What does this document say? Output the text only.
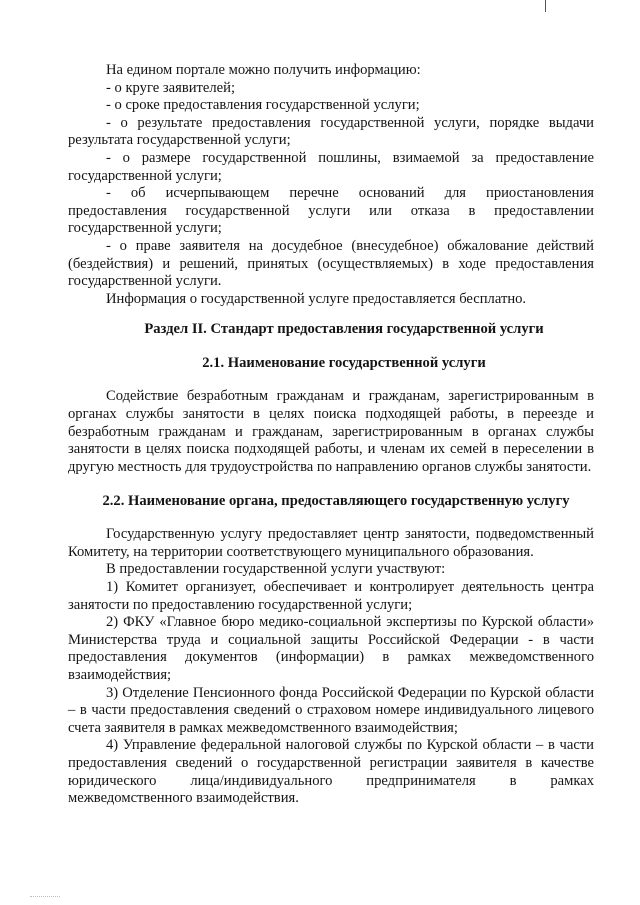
На едином портале можно получить информацию:

- о круге заявителей;

- о сроке предоставления государственной услуги;

- о результате предоставления государственной услуги, порядке выдачи результата государственной услуги;

- о размере государственной пошлины, взимаемой за предоставление государственной услуги;

- об исчерпывающем перечне оснований для приостановления предоставления государственной услуги или отказа в предоставлении государственной услуги;

- о праве заявителя на досудебное (внесудебное) обжалование действий (бездействия) и решений, принятых (осуществляемых) в ходе предоставления государственной услуги.

Информация о государственной услуге предоставляется бесплатно.

Раздел II. Стандарт предоставления государственной услуги
2.1. Наименование государственной услуги

Содействие безработным гражданам и гражданам, зарегистрированным в органах службы занятости в целях поиска подходящей работы, в переезде и безработным гражданам и гражданам, зарегистрированным в органах службы занятости в целях поиска подходящей работы, и членам их семей в переселении в другую местность для трудоустройства по направлению органов службы занятости.

2.2. Наименование органа, предоставляющего государственную услугу

Государственную услугу предоставляет центр занятости, подведомственный Комитету, на территории соответствующего муниципального образования.

В предоставлении государственной услуги участвуют:

1) Комитет организует, обеспечивает и контролирует деятельность центра занятости по предоставлению государственной услуги;

2) ФКУ «Главное бюро медико-социальной экспертизы по Курской области» Министерства труда и социальной защиты Российской Федерации - в части предоставления документов (информации) в рамках межведомственного взаимодействия;

3) Отделение Пенсионного фонда Российской Федерации по Курской области – в части предоставления сведений о страховом номере индивидуального лицевого счета заявителя в рамках межведомственного взаимодействия;

4) Управление федеральной налоговой службы по Курской области – в части предоставления сведений о государственной регистрации заявителя в качестве юридического лица/индивидуального предпринимателя в рамках межведомственного взаимодействия.
